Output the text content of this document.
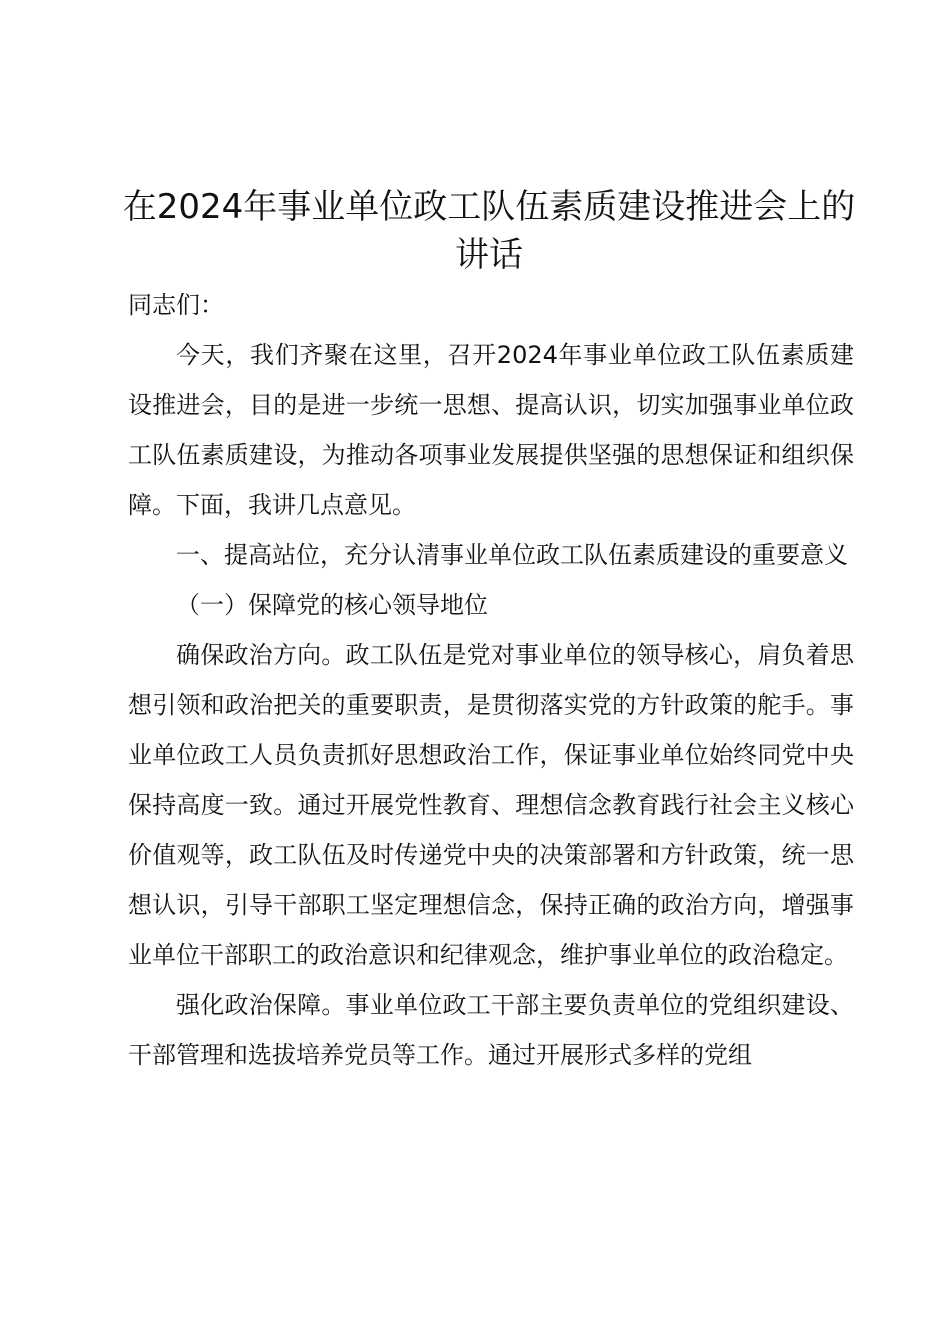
在2024年事业单位政工队伍素质建设推进会上的讲话

同志们：

今天，我们齐聚在这里，召开2024年事业单位政工队伍素质建设推进会，目的是进一步统一思想、提高认识，切实加强事业单位政工队伍素质建设，为推动各项事业发展提供坚强的思想保证和组织保障。下面，我讲几点意见。

一、提高站位，充分认清事业单位政工队伍素质建设的重要意义

（一）保障党的核心领导地位

确保政治方向。政工队伍是党对事业单位的领导核心，肩负着思想引领和政治把关的重要职责，是贯彻落实党的方针政策的舵手。事业单位政工人员负责抓好思想政治工作，保证事业单位始终同党中央保持高度一致。通过开展党性教育、理想信念教育践行社会主义核心价值观等，政工队伍及时传递党中央的决策部署和方针政策，统一思想认识，引导干部职工坚定理想信念，保持正确的政治方向，增强事业单位干部职工的政治意识和纪律观念，维护事业单位的政治稳定。

强化政治保障。事业单位政工干部主要负责单位的党组织建设、干部管理和选拔培养党员等工作。通过开展形式多样的党组
